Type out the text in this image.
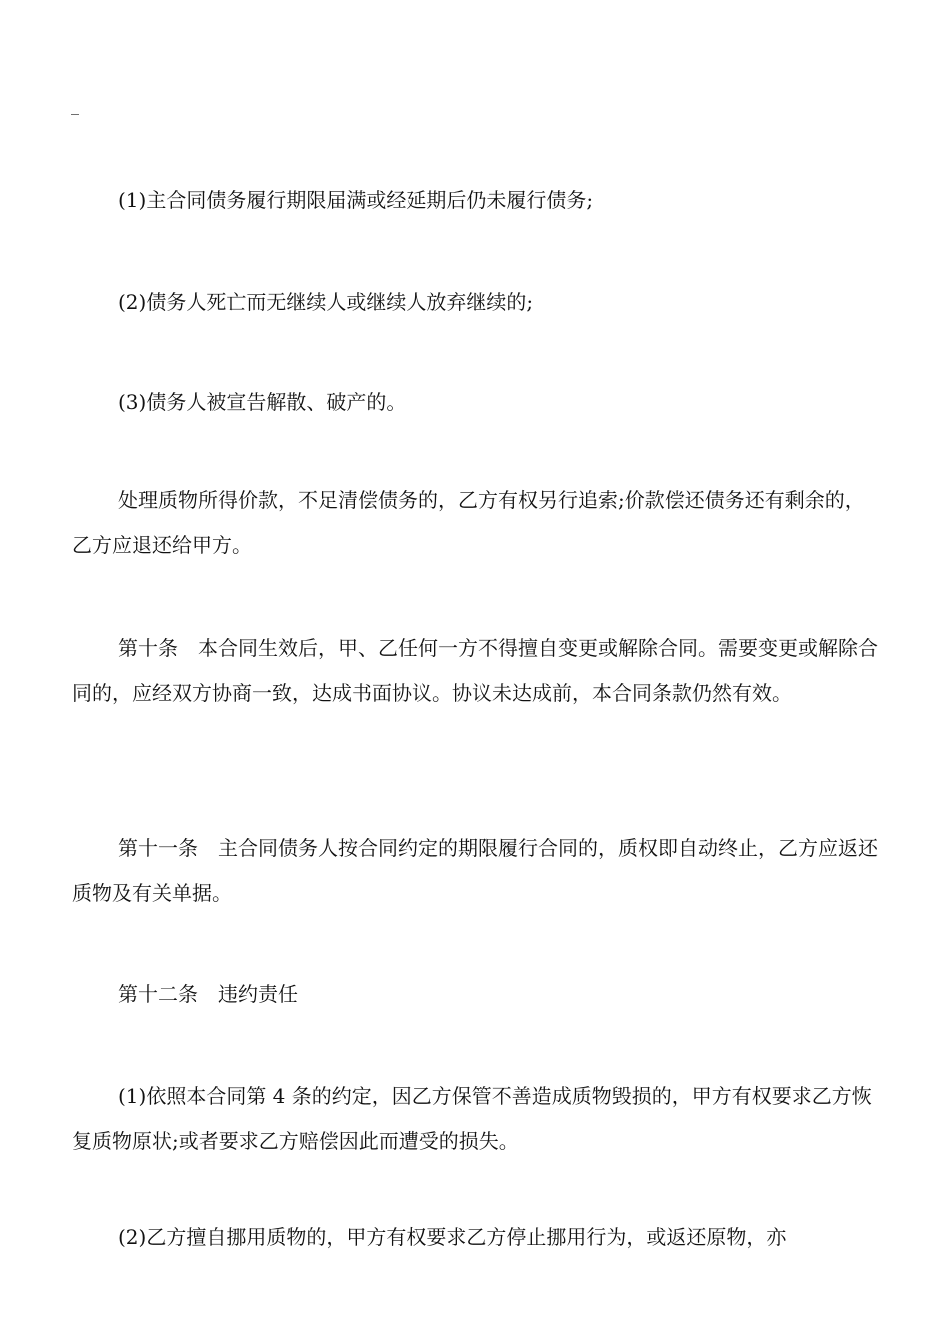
_

(1)主合同债务履行期限届满或经延期后仍未履行债务;

(2)债务人死亡而无继续人或继续人放弃继续的;

(3)债务人被宣告解散、破产的。

处理质物所得价款，不足清偿债务的，乙方有权另行追索;价款偿还债务还有剩余的，乙方应退还给甲方。

第十条　本合同生效后，甲、乙任何一方不得擅自变更或解除合同。需要变更或解除合同的，应经双方协商一致，达成书面协议。协议未达成前，本合同条款仍然有效。

第十一条　主合同债务人按合同约定的期限履行合同的，质权即自动终止，乙方应返还质物及有关单据。

第十二条　违约责任

(1)依照本合同第 4 条的约定，因乙方保管不善造成质物毁损的，甲方有权要求乙方恢复质物原状;或者要求乙方赔偿因此而遭受的损失。

(2)乙方擅自挪用质物的，甲方有权要求乙方停止挪用行为，或返还原物，亦
